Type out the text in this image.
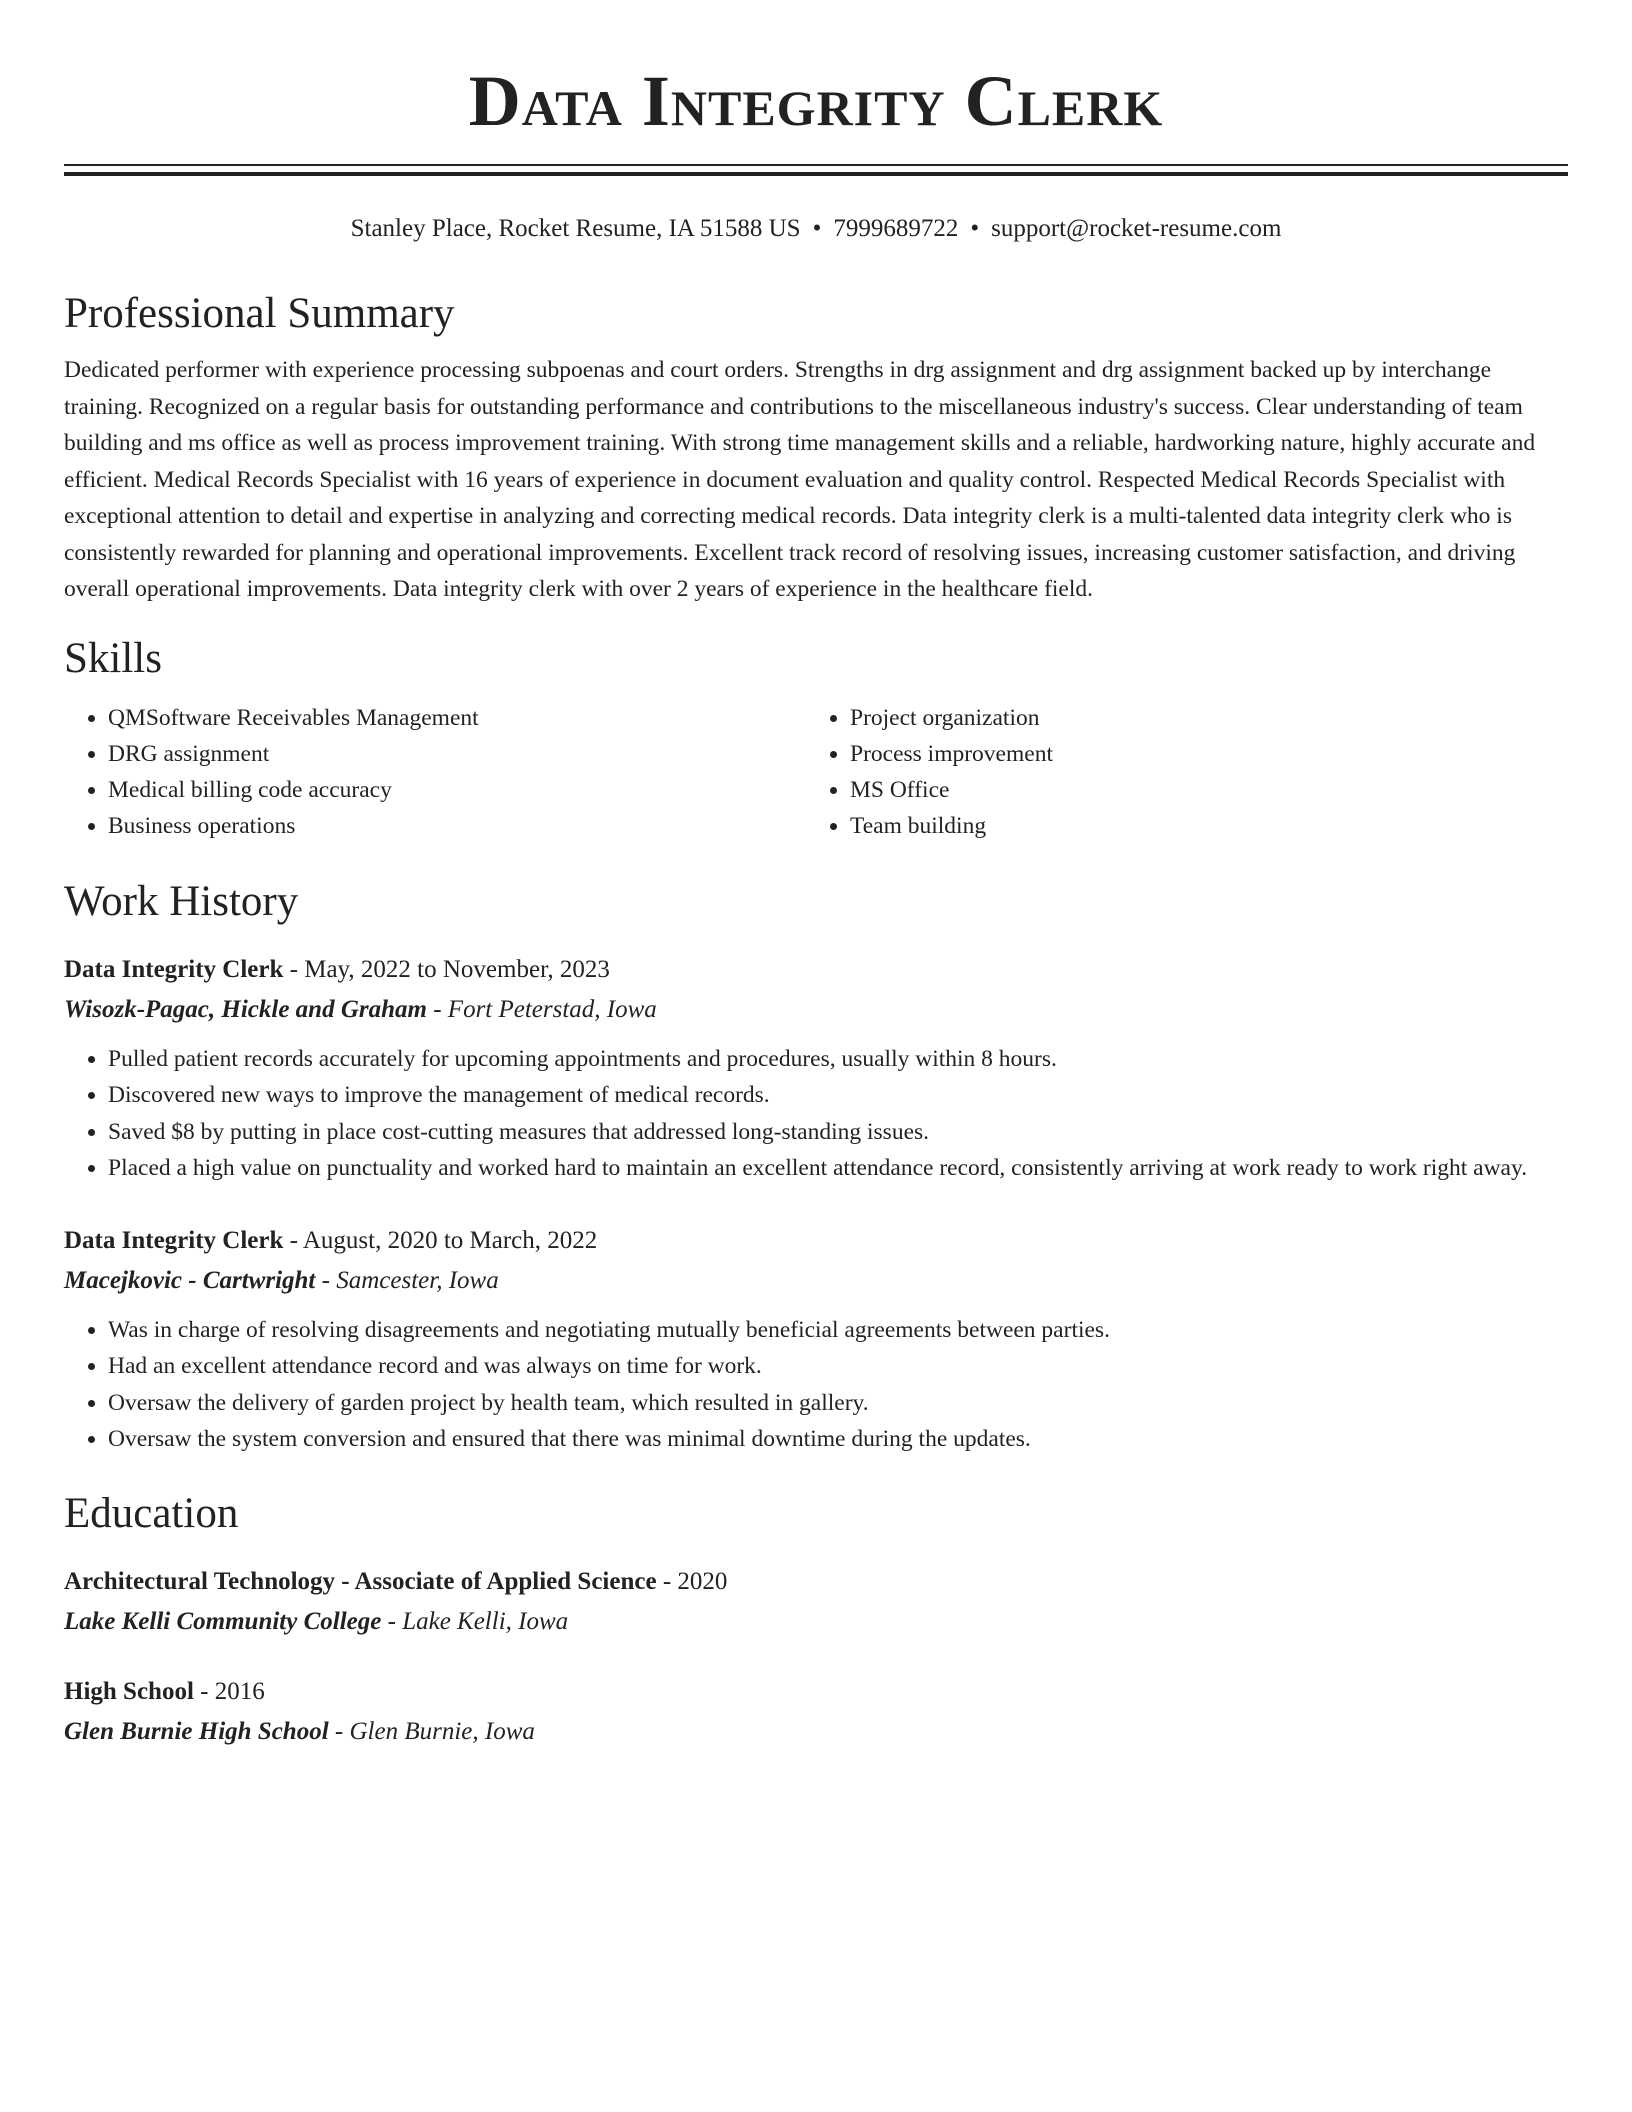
Data Integrity Clerk
Stanley Place, Rocket Resume, IA 51588 US • 7999689722 • support@rocket-resume.com
Professional Summary

Dedicated performer with experience processing subpoenas and court orders. Strengths in drg assignment and drg assignment backed up by interchange training. Recognized on a regular basis for outstanding performance and contributions to the miscellaneous industry's success. Clear understanding of team building and ms office as well as process improvement training. With strong time management skills and a reliable, hardworking nature, highly accurate and efficient. Medical Records Specialist with 16 years of experience in document evaluation and quality control. Respected Medical Records Specialist with exceptional attention to detail and expertise in analyzing and correcting medical records. Data integrity clerk is a multi-talented data integrity clerk who is consistently rewarded for planning and operational improvements. Excellent track record of resolving issues, increasing customer satisfaction, and driving overall operational improvements. Data integrity clerk with over 2 years of experience in the healthcare field.

Skills
• QMSoftware Receivables Management
• DRG assignment
• Medical billing code accuracy
• Business operations
• Project organization
• Process improvement
• MS Office
• Team building
Work History
Data Integrity Clerk - May, 2022 to November, 2023
Wisozk-Pagac, Hickle and Graham - Fort Peterstad, Iowa
• Pulled patient records accurately for upcoming appointments and procedures, usually within 8 hours.
• Discovered new ways to improve the management of medical records.
• Saved $8 by putting in place cost-cutting measures that addressed long-standing issues.
• Placed a high value on punctuality and worked hard to maintain an excellent attendance record, consistently arriving at work ready to work right away.
Data Integrity Clerk - August, 2020 to March, 2022
Macejkovic - Cartwright - Samcester, Iowa
• Was in charge of resolving disagreements and negotiating mutually beneficial agreements between parties.
• Had an excellent attendance record and was always on time for work.
• Oversaw the delivery of garden project by health team, which resulted in gallery.
• Oversaw the system conversion and ensured that there was minimal downtime during the updates.
Education
Architectural Technology - Associate of Applied Science - 2020
Lake Kelli Community College - Lake Kelli, Iowa
High School - 2016
Glen Burnie High School - Glen Burnie, Iowa
